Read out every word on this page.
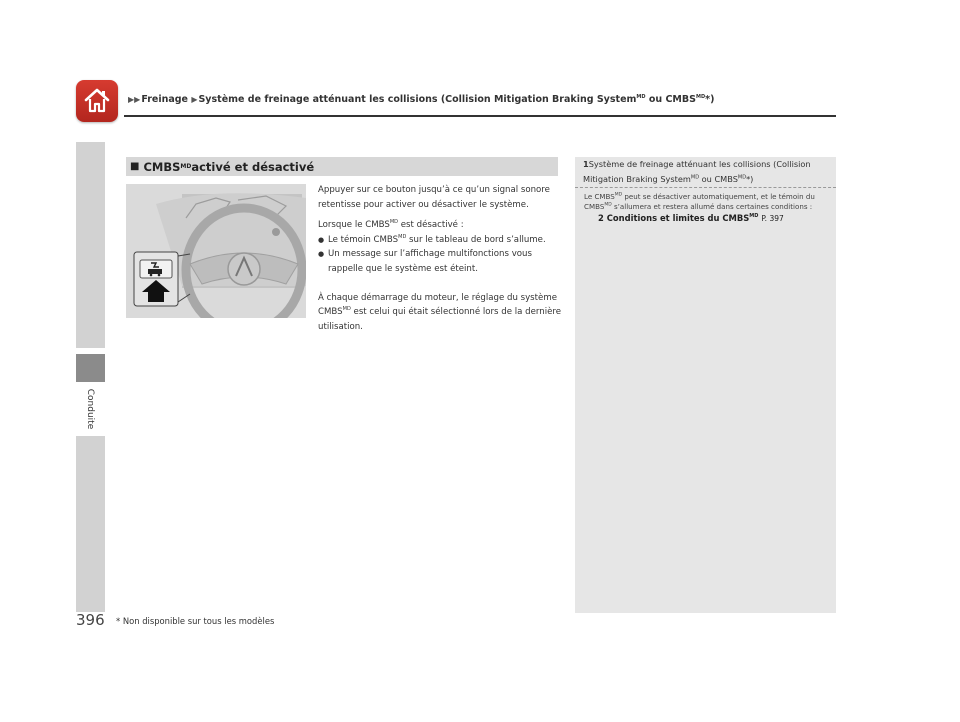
▶▶Freinage ▶Système de freinage atténuant les collisions (Collision Mitigation Braking System$^{MD}$ ou $CMBS^{MD}*$)
Conduite
■ CMBS MD activé et désactivé

Appuyer sur ce bouton jusqu’à ce qu’un signal sonore retentisse pour activer ou désactiver le système.

Lorsque le $CMBS^{MD}$ est désactivé :

● Le témoin $CMBS^{MD}$ sur le tableau de bord s’allume.
● Un message sur l’affichage multifonctions vous rappelle que le système est éteint.

À chaque démarrage du moteur, le réglage du système $CMBS^{MD}$ est celui qui était sélectionné lors de la dernière utilisation.

1Système de freinage atténuant les collisions (Collision Mitigation Braking System$^{MD}$ ou $CMBS^{MD}*$)
Le $CMBS^{MD}$ peut se désactiver automatiquement, et le témoin du $CMBS^{MD}$ s’allumera et restera allumé dans certaines conditions :
2 Conditions et limites du $CMBS^{MD}$ P. 397
396 * Non disponible sur tous les modèles
